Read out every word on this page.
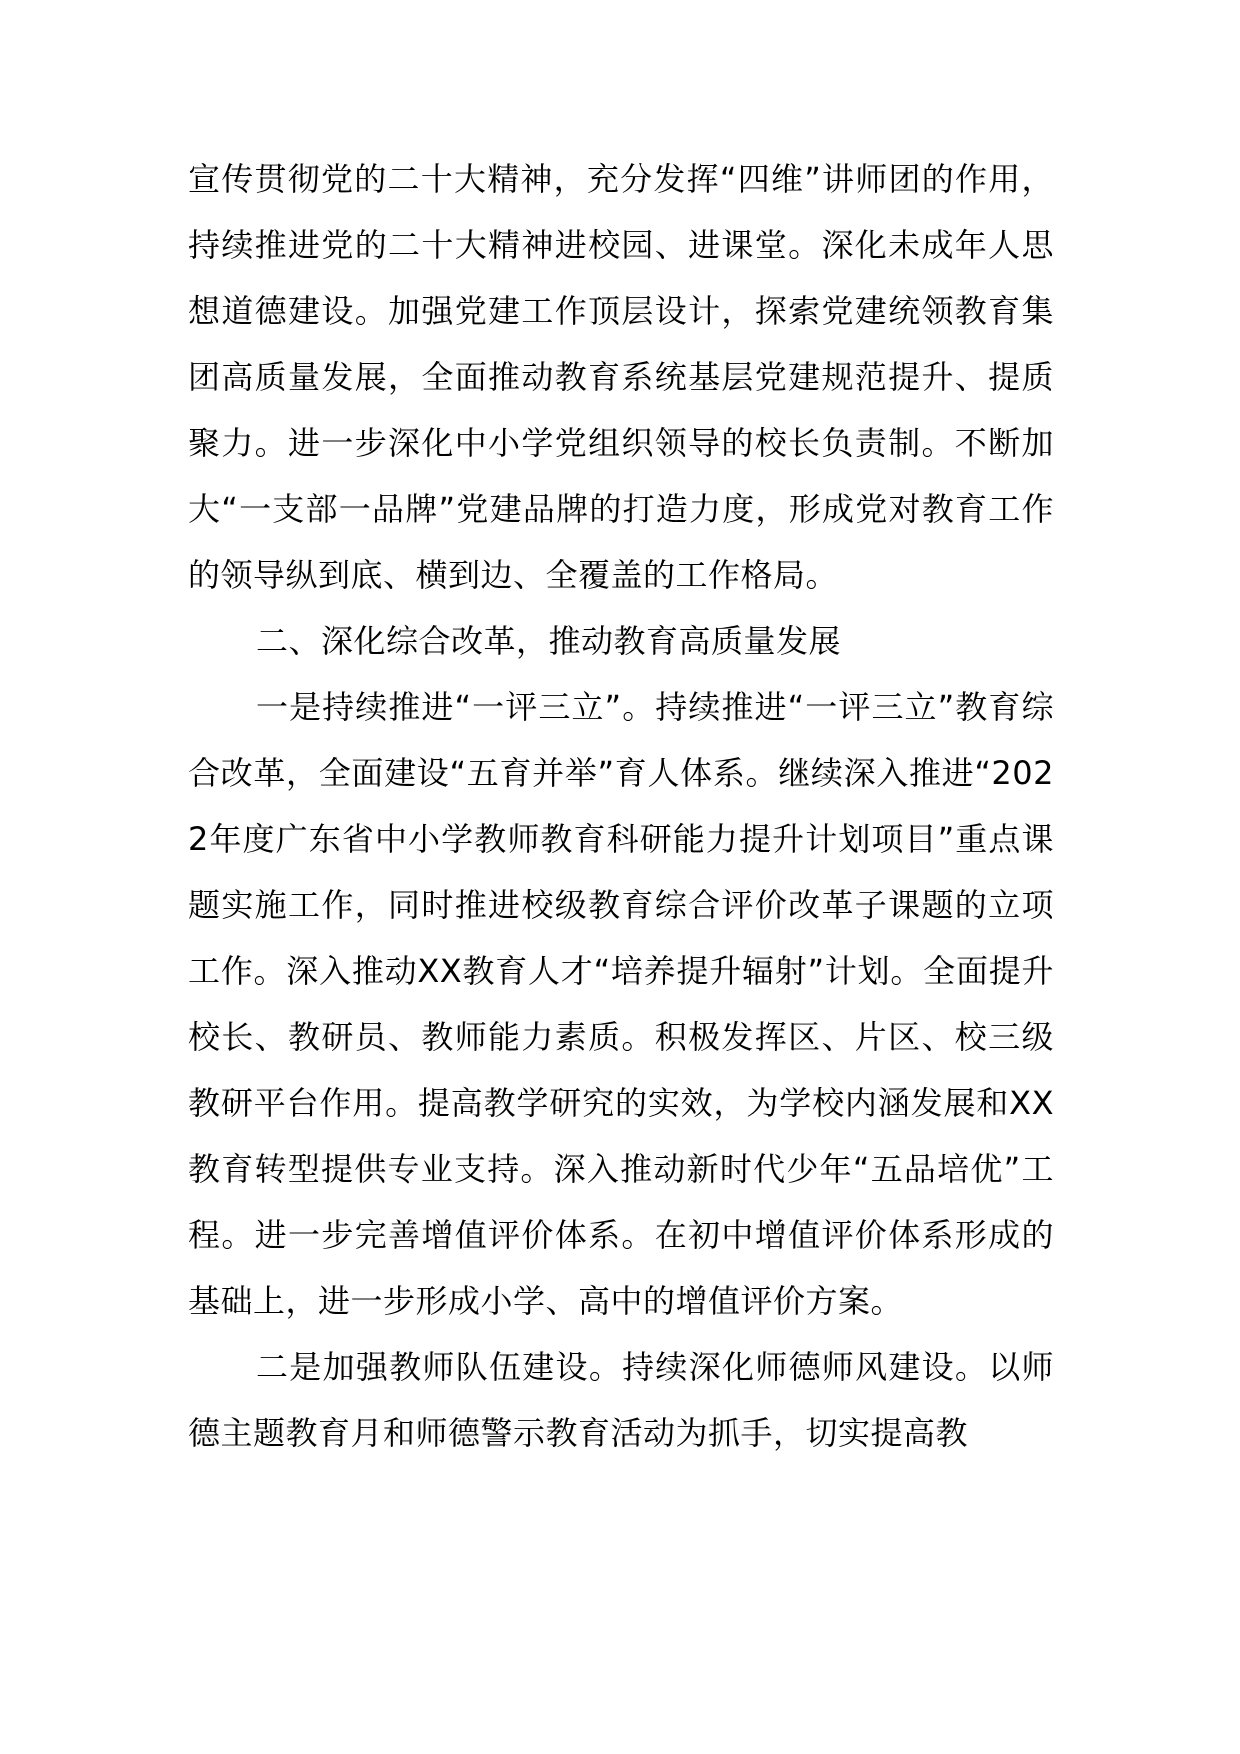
宣传贯彻党的二十大精神，充分发挥“四维”讲师团的作用，持续推进党的二十大精神进校园、进课堂。深化未成年人思想道德建设。加强党建工作顶层设计，探索党建统领教育集团高质量发展，全面推动教育系统基层党建规范提升、提质聚力。进一步深化中小学党组织领导的校长负责制。不断加大“一支部一品牌”党建品牌的打造力度，形成党对教育工作的领导纵到底、横到边、全覆盖的工作格局。

二、深化综合改革，推动教育高质量发展

一是持续推进“一评三立”。持续推进“一评三立”教育综合改革，全面建设“五育并举”育人体系。继续深入推进“2022年度广东省中小学教师教育科研能力提升计划项目”重点课题实施工作，同时推进校级教育综合评价改革子课题的立项工作。深入推动XX教育人才“培养提升辐射”计划。全面提升校长、教研员、教师能力素质。积极发挥区、片区、校三级教研平台作用。提高教学研究的实效，为学校内涵发展和XX教育转型提供专业支持。深入推动新时代少年“五品培优”工程。进一步完善增值评价体系。在初中增值评价体系形成的基础上，进一步形成小学、高中的增值评价方案。

二是加强教师队伍建设。持续深化师德师风建设。以师德主题教育月和师德警示教育活动为抓手，切实提高教
